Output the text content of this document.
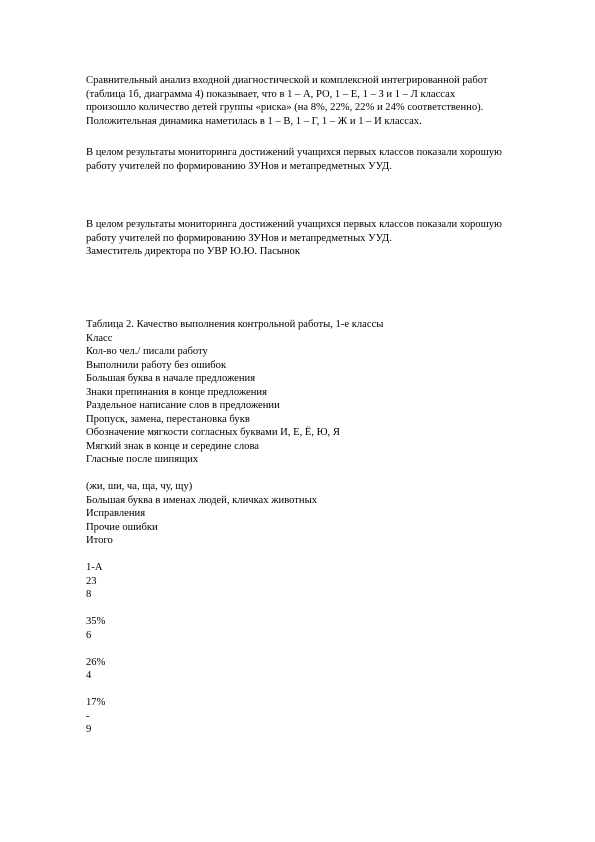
Сравнительный анализ входной диагностической и комплексной интегрированной работ
(таблица 1б, диаграмма 4) показывает, что в 1 – А, РО, 1 – Е, 1 – З и 1 – Л классах
произошло количество детей группы «риска» (на 8%, 22%, 22% и 24% соответственно).
Положительная динамика наметилась в 1 – В, 1 – Г, 1 – Ж и 1 – И классах.
В целом результаты мониторинга достижений учащихся первых классов показали хорошую
работу учителей по формированию ЗУНов и метапредметных УУД.
В целом результаты мониторинга достижений учащихся первых классов показали хорошую
работу учителей по формированию ЗУНов и метапредметных УУД.
Заместитель директора по УВР Ю.Ю. Пасынок
Таблица 2. Качество выполнения контрольной работы, 1-е классы
Класс
Кол-во чел./ писали работу
Выполнили работу без ошибок
Большая буква в начале предложения
Знаки препинания в конце предложения
Раздельное написание слов в предложении
Пропуск, замена, перестановка букв
Обозначение мягкости согласных буквами И, Е, Ё, Ю, Я
Мягкий знак в конце и середине слова
Гласные после шипящих
(жи, ши, ча, ща, чу, щу)
Большая буква в именах людей, кличках животных
Исправления
Прочие ошибки
Итого
1-А
23
8
35%
6
26%
4
17%
-
9
